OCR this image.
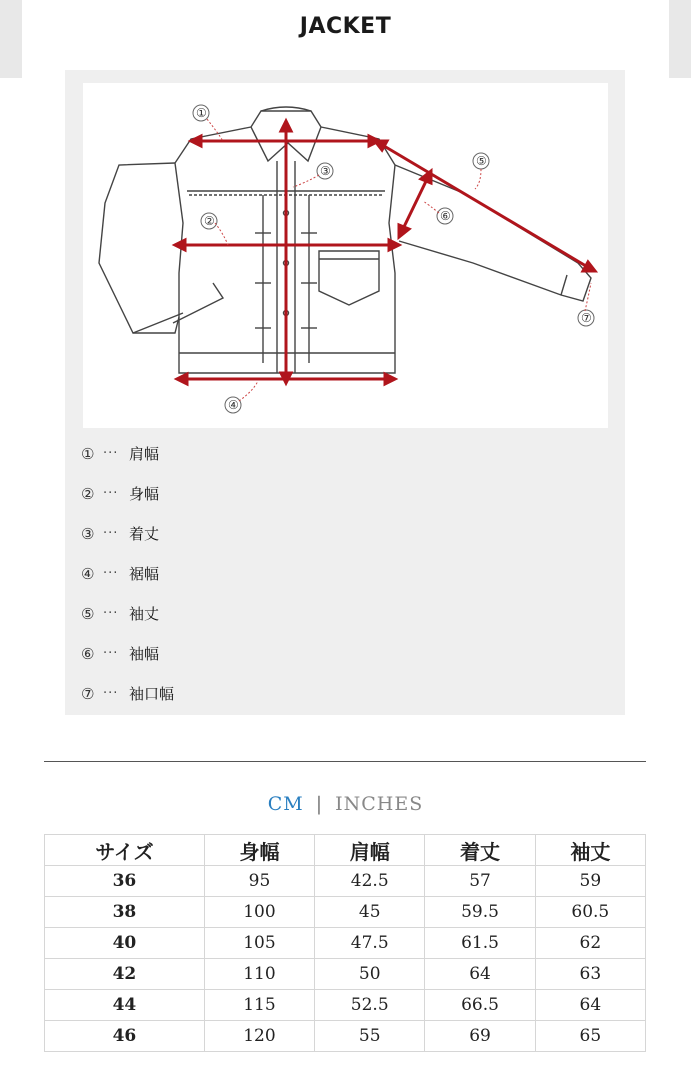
JACKET
①
②
③
④
⑤
⑥
⑦
① ··· 肩幅
② ··· 身幅
③ ··· 着丈
④ ··· 裾幅
⑤ ··· 袖丈
⑥ ··· 袖幅
⑦ ··· 袖口幅
CM | INCHES
サイズ	身幅	肩幅	着丈	袖丈
36	95	42.5	57	59
38	100	45	59.5	60.5
40	105	47.5	61.5	62
42	110	50	64	63
44	115	52.5	66.5	64
46	120	55	69	65
